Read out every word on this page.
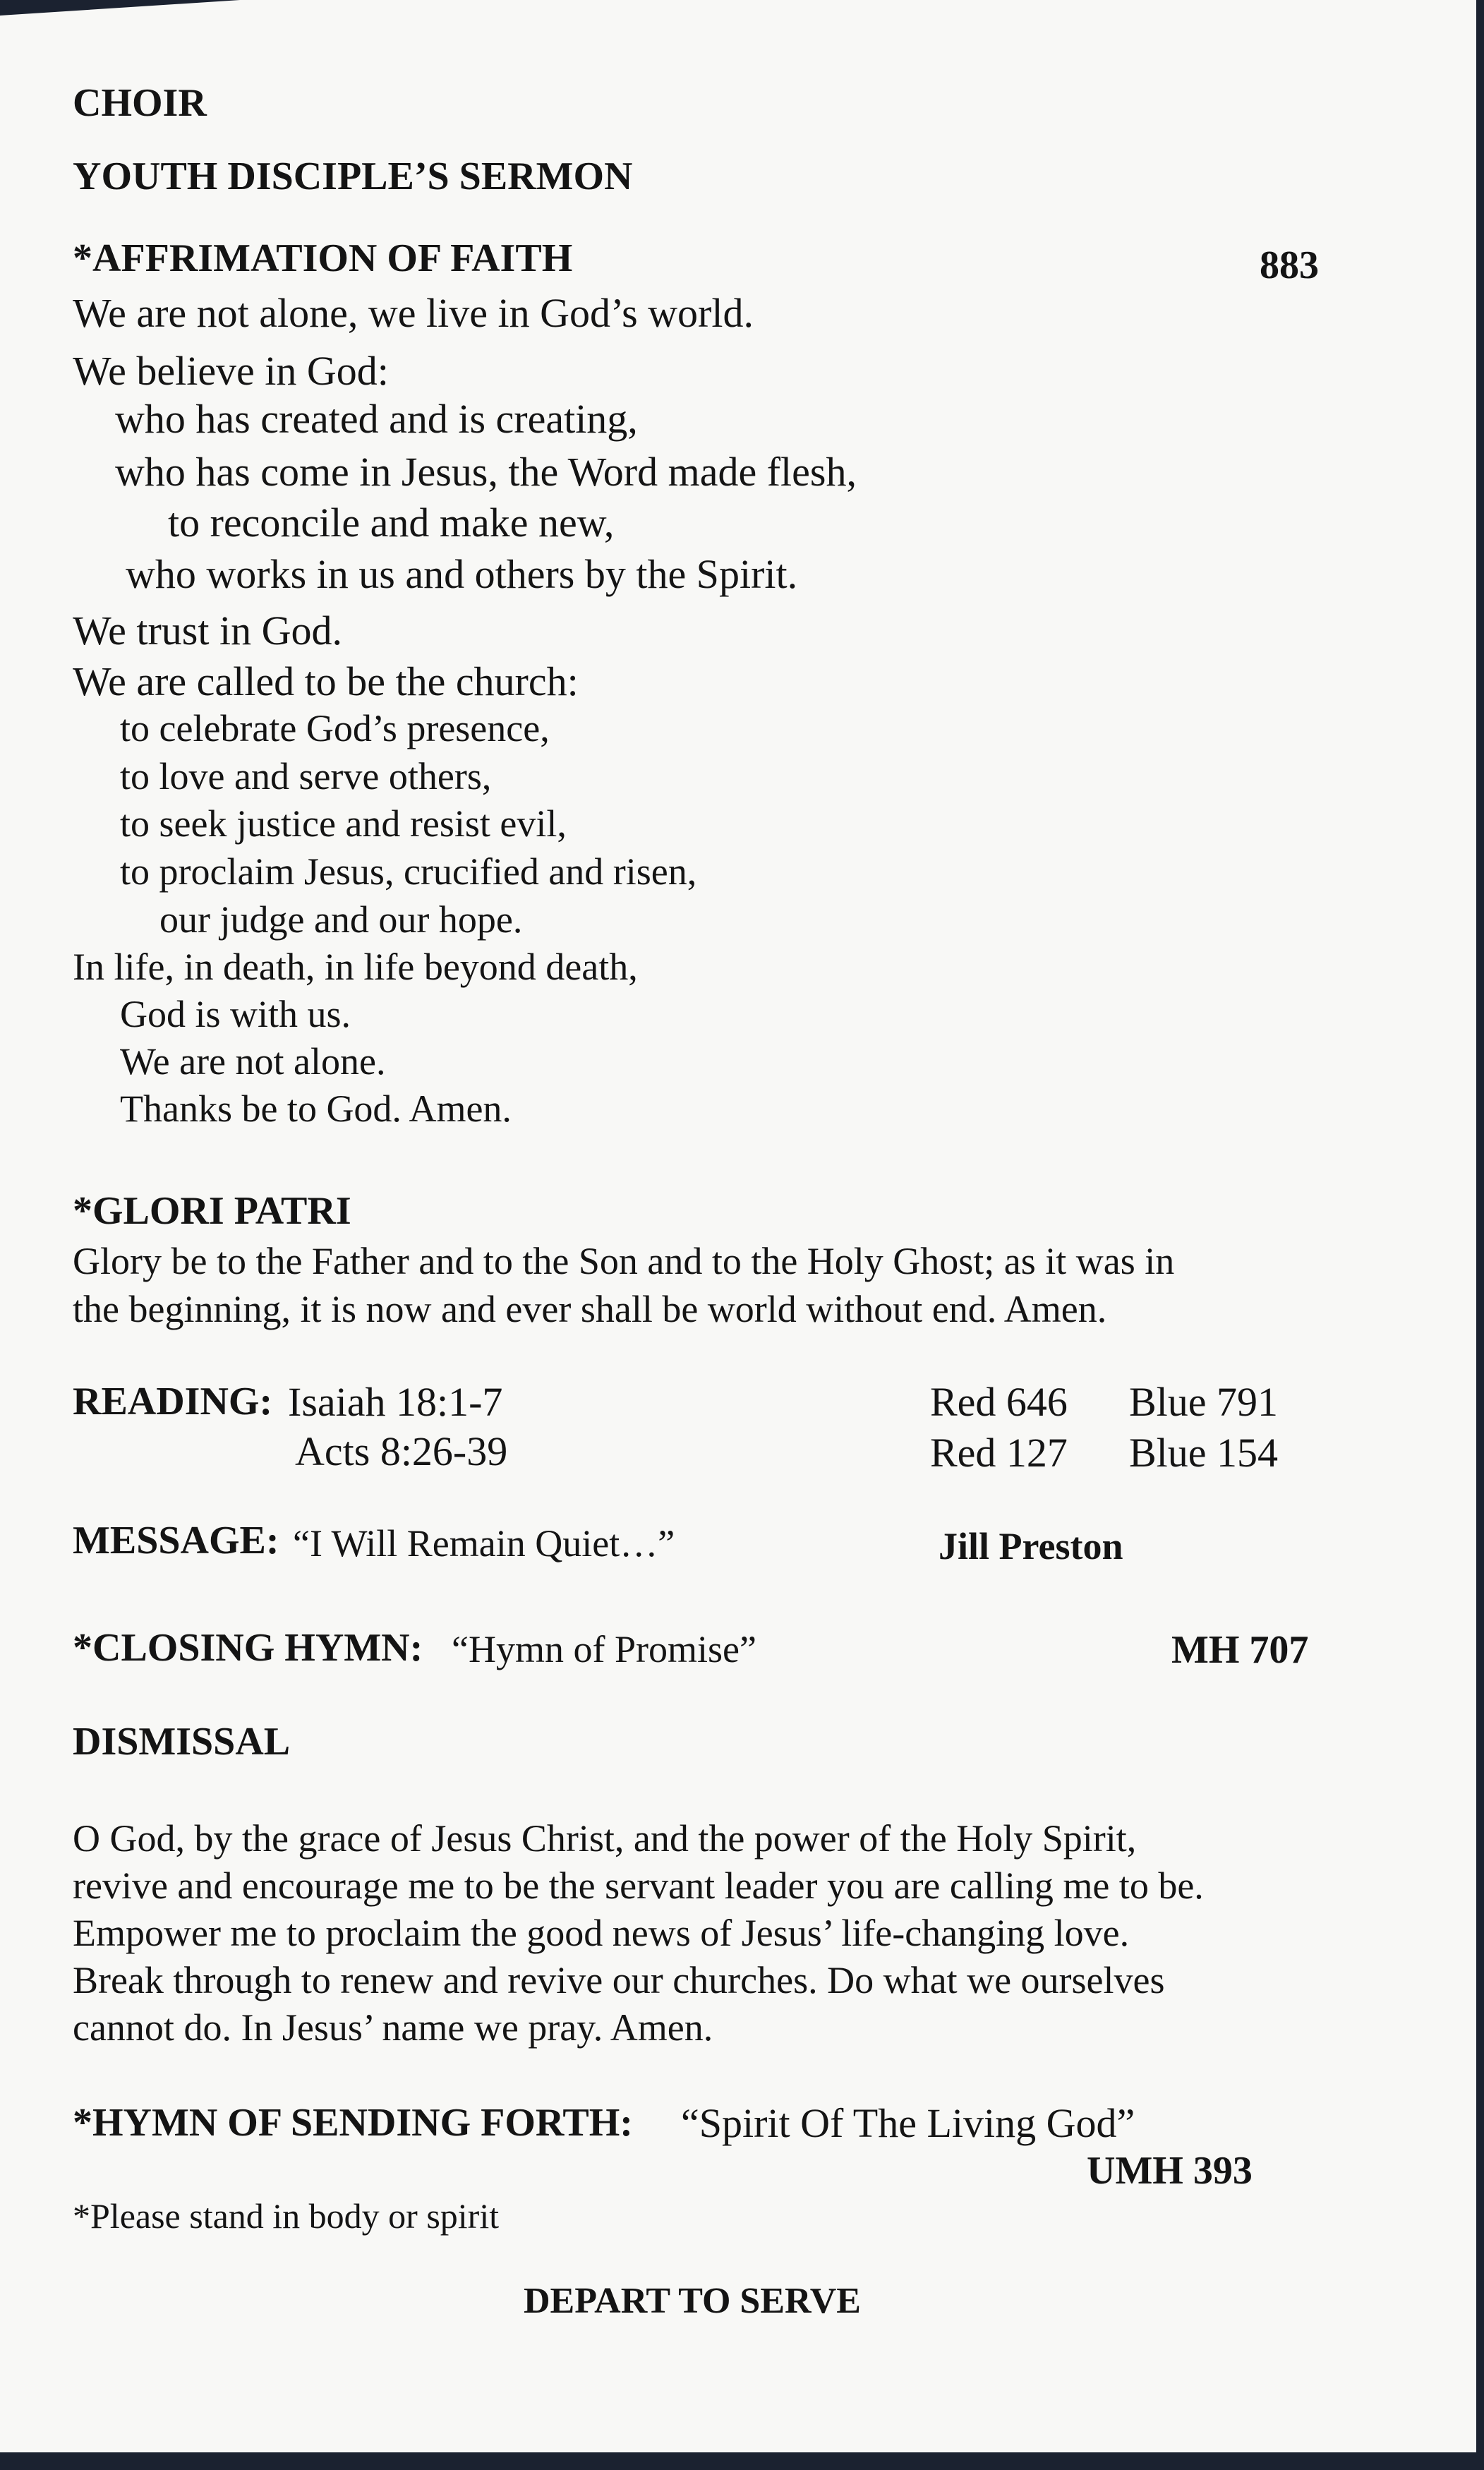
CHOIR
YOUTH DISCIPLE’S SERMON
*AFFRIMATION OF FAITH	883
We are not alone, we live in God’s world.
We believe in God:
who has created and is creating,
who has come in Jesus, the Word made flesh,
to reconcile and make new,
who works in us and others by the Spirit.
We trust in God.
We are called to be the church:
to celebrate God’s presence,
to love and serve others,
to seek justice and resist evil,
to proclaim Jesus, crucified and risen,
our judge and our hope.
In life, in death, in life beyond death,
God is with us.
We are not alone.
Thanks be to God. Amen.
*GLORI PATRI
Glory be to the Father and to the Son and to the Holy Ghost; as it was in
the beginning, it is now and ever shall be world without end. Amen.
READING: Isaiah 18:1-7	Red 646 Blue 791
Acts 8:26-39	Red 127 Blue 154
MESSAGE: “I Will Remain Quiet…”	Jill Preston
*CLOSING HYMN: “Hymn of Promise”	MH 707
DISMISSAL
O God, by the grace of Jesus Christ, and the power of the Holy Spirit,
revive and encourage me to be the servant leader you are calling me to be.
Empower me to proclaim the good news of Jesus’ life-changing love.
Break through to renew and revive our churches. Do what we ourselves
cannot do. In Jesus’ name we pray. Amen.
*HYMN OF SENDING FORTH: “Spirit Of The Living God”
UMH 393
*Please stand in body or spirit
DEPART TO SERVE
